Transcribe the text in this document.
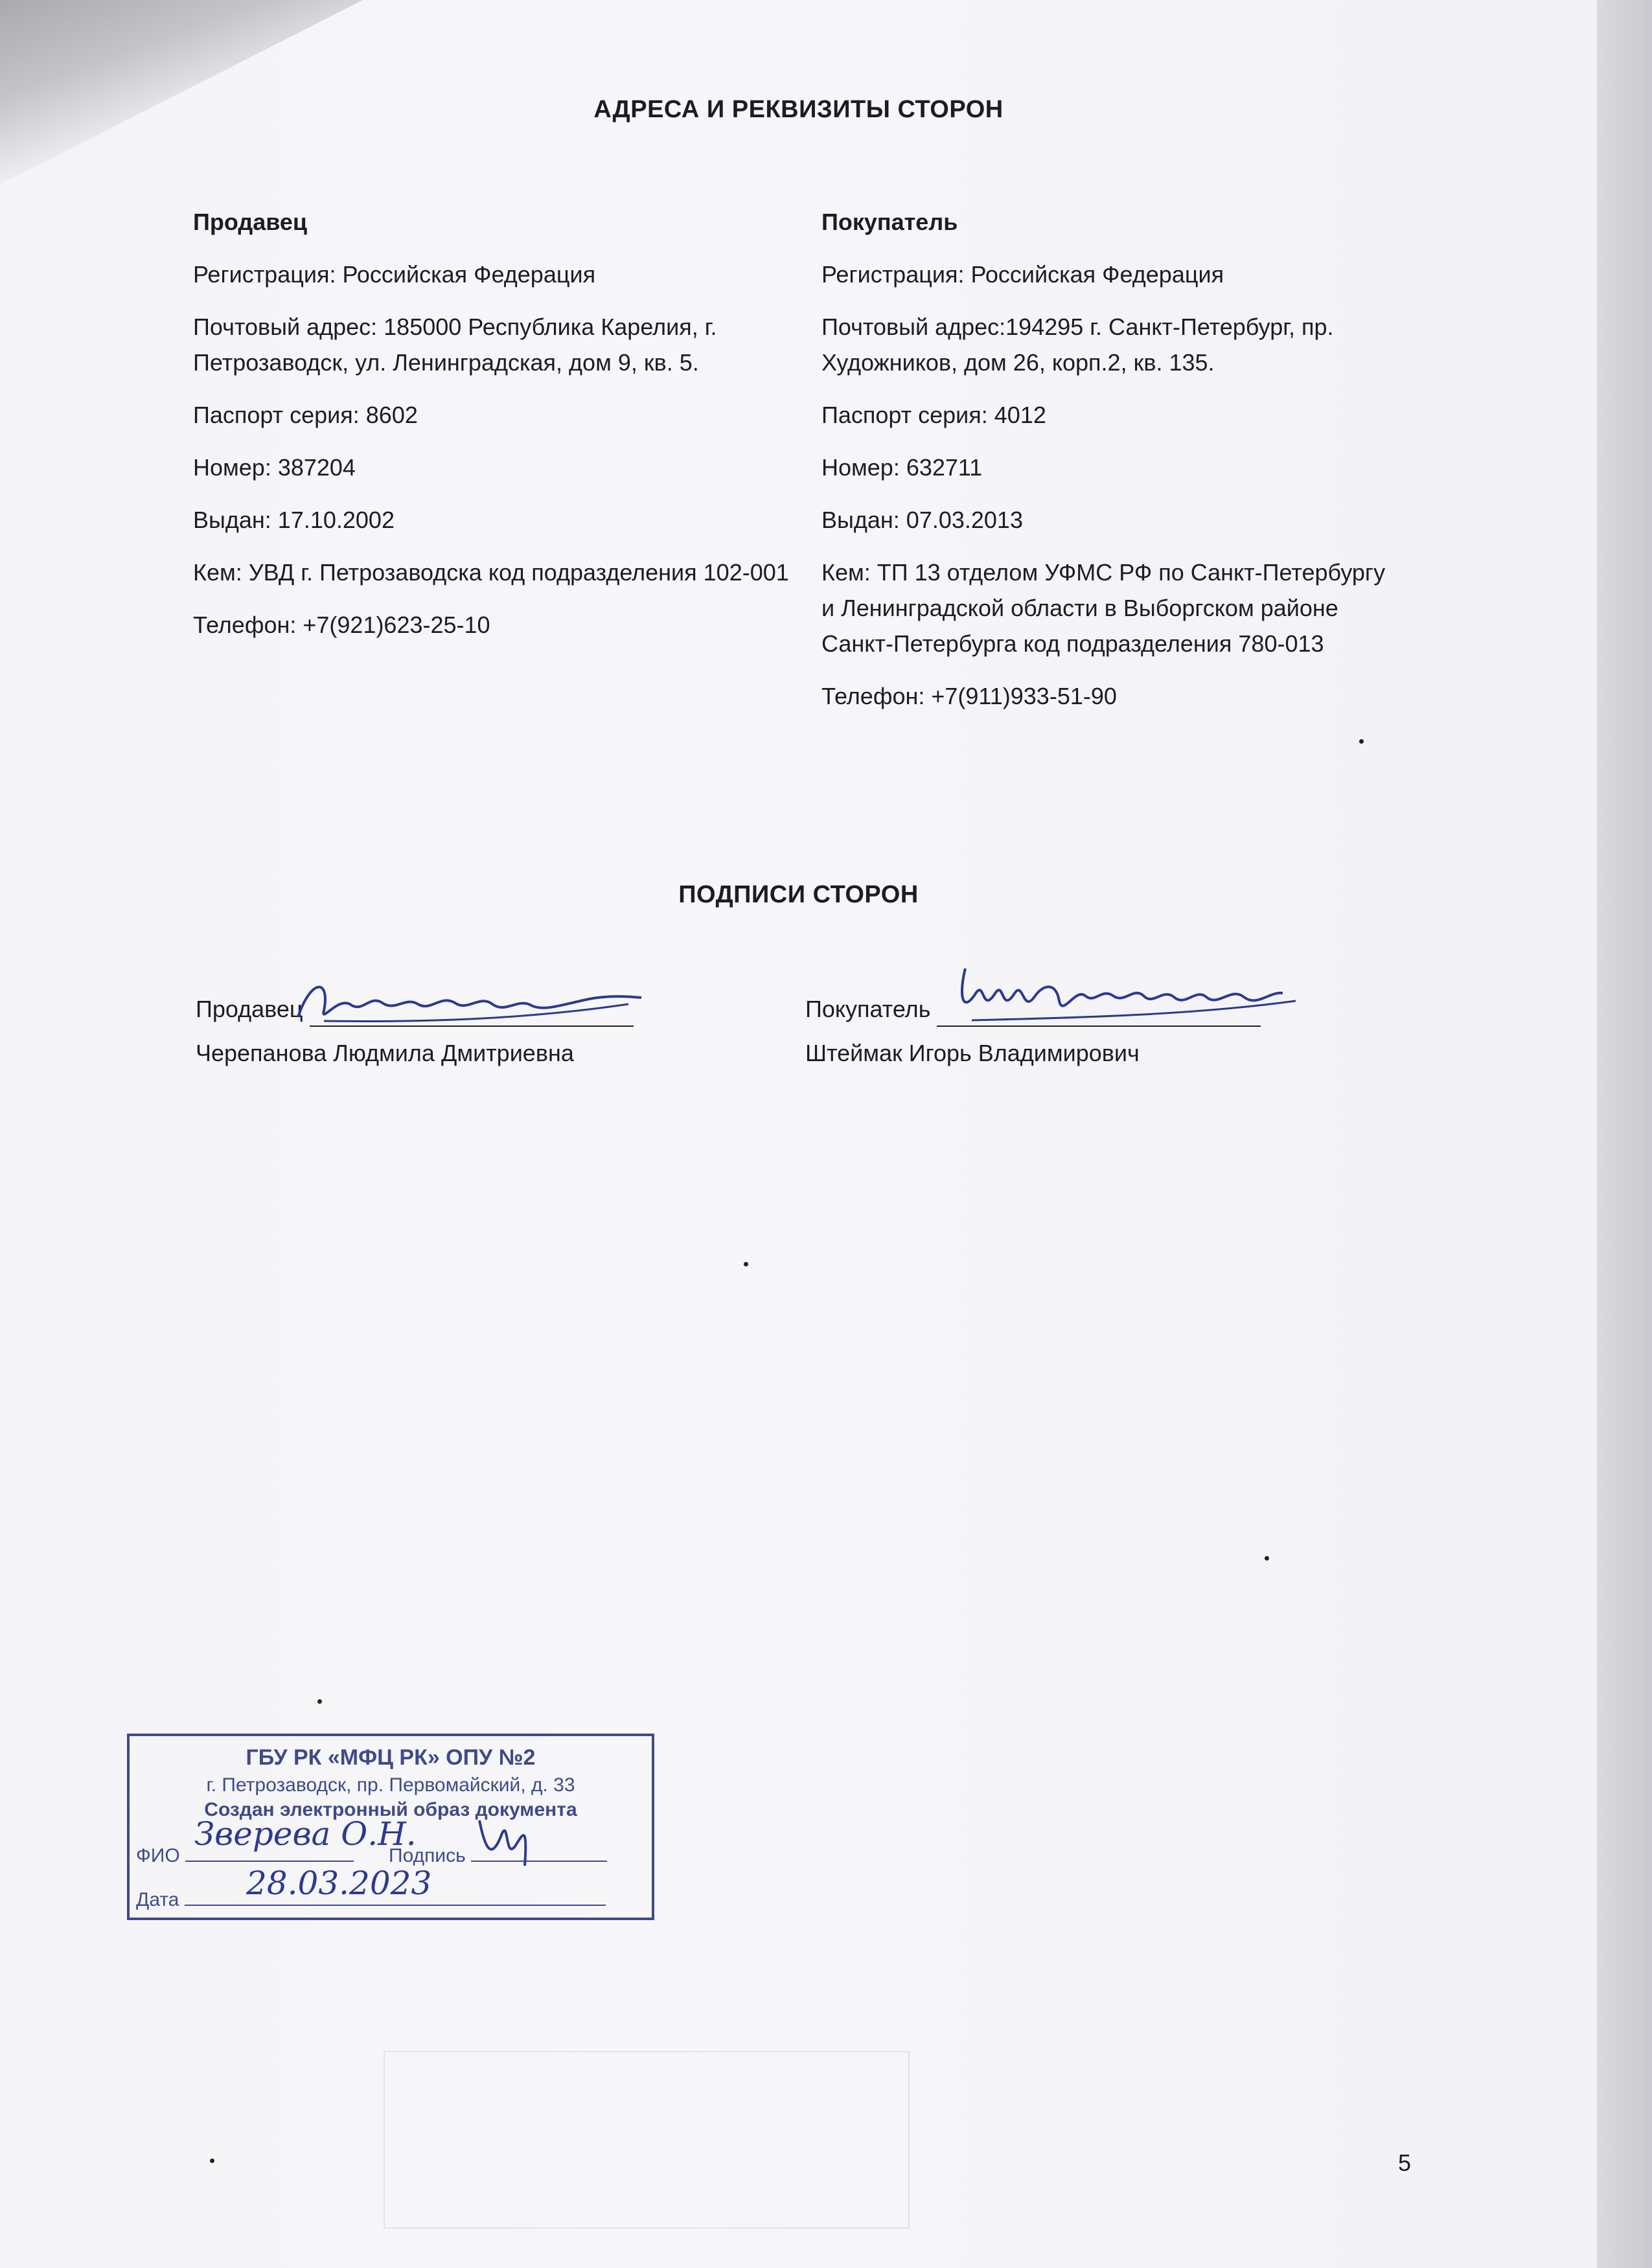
АДРЕСА И РЕКВИЗИТЫ СТОРОН
Продавец

Регистрация: Российская Федерация

Почтовый адрес: 185000 Республика Карелия, г. Петрозаводск, ул. Ленинградская, дом 9, кв. 5.

Паспорт серия: 8602

Номер: 387204

Выдан: 17.10.2002

Кем: УВД г. Петрозаводска код подразделения 102-001

Телефон: +7(921)623-25-10

Покупатель

Регистрация: Российская Федерация

Почтовый адрес:194295 г. Санкт-Петербург, пр. Художников, дом 26, корп.2, кв. 135.

Паспорт серия: 4012

Номер: 632711

Выдан: 07.03.2013

Кем: ТП 13 отделом УФМС РФ по Санкт-Петербургу и Ленинградской области в Выборгском районе Санкт-Петербурга код подразделения 780-013

Телефон: +7(911)933-51-90

ПОДПИСИ СТОРОН
Продавец
Черепанова Людмила Дмитриевна
Покупатель
Штеймак Игорь Владимирович
ГБУ РК «МФЦ РК» ОПУ №2
г. Петрозаводск, пр. Первомайский, д. 33
Создан электронный образ документа
ФИО	Подпись
Дата
Зверева О.Н.
28.03.2023
5
